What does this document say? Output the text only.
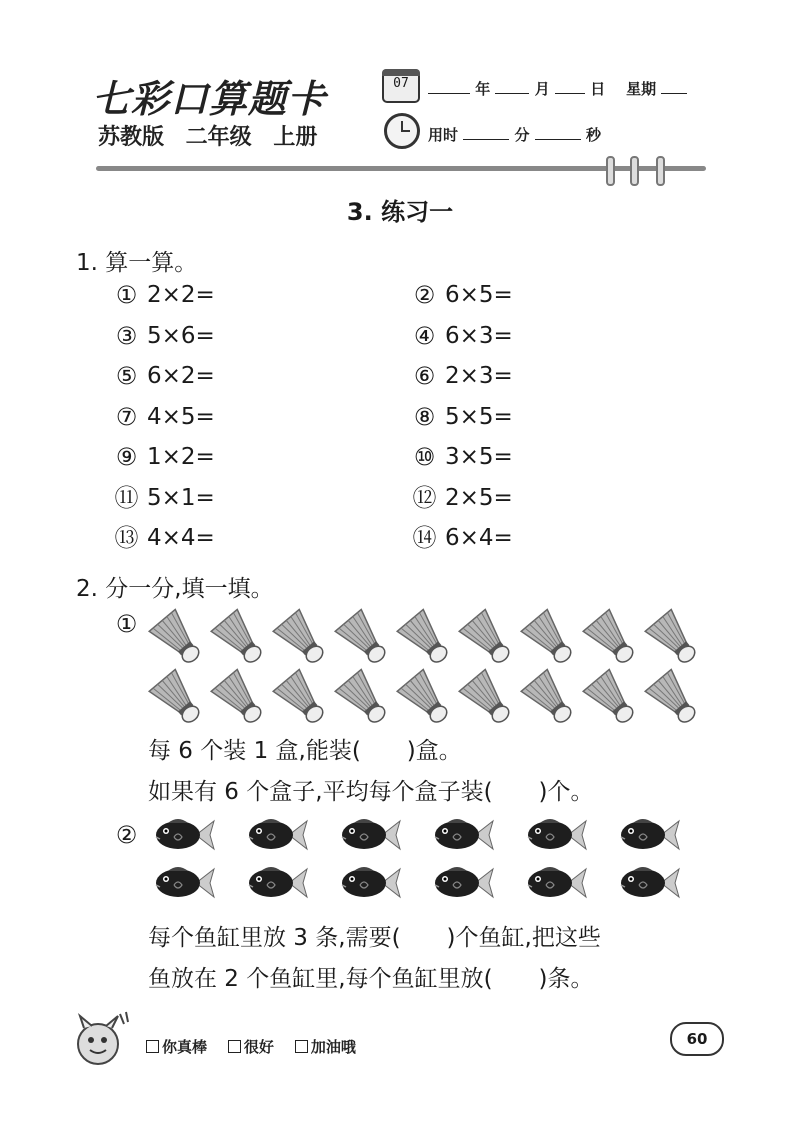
七彩口算题卡
苏教版 二年级 上册
07	年	月	日 星期
用时	分	秒
3. 练习一
1. 算一算。
① 2×2=	② 6×5=
③ 5×6=	④ 6×3=
⑤ 6×2=	⑥ 2×3=
⑦ 4×5=	⑧ 5×5=
⑨ 1×2=	⑩ 3×5=
⑪ 5×1=	⑫ 2×5=
⑬ 4×4=	⑭ 6×4=
2. 分一分,填一填。
①
每 6 个装 1 盒,能装(　　)盒。
如果有 6 个盒子,平均每个盒子装(　　)个。
②
每个鱼缸里放 3 条,需要(　　)个鱼缸,把这些
鱼放在 2 个鱼缸里,每个鱼缸里放(　　)条。
你真棒 很好 加油哦	60
